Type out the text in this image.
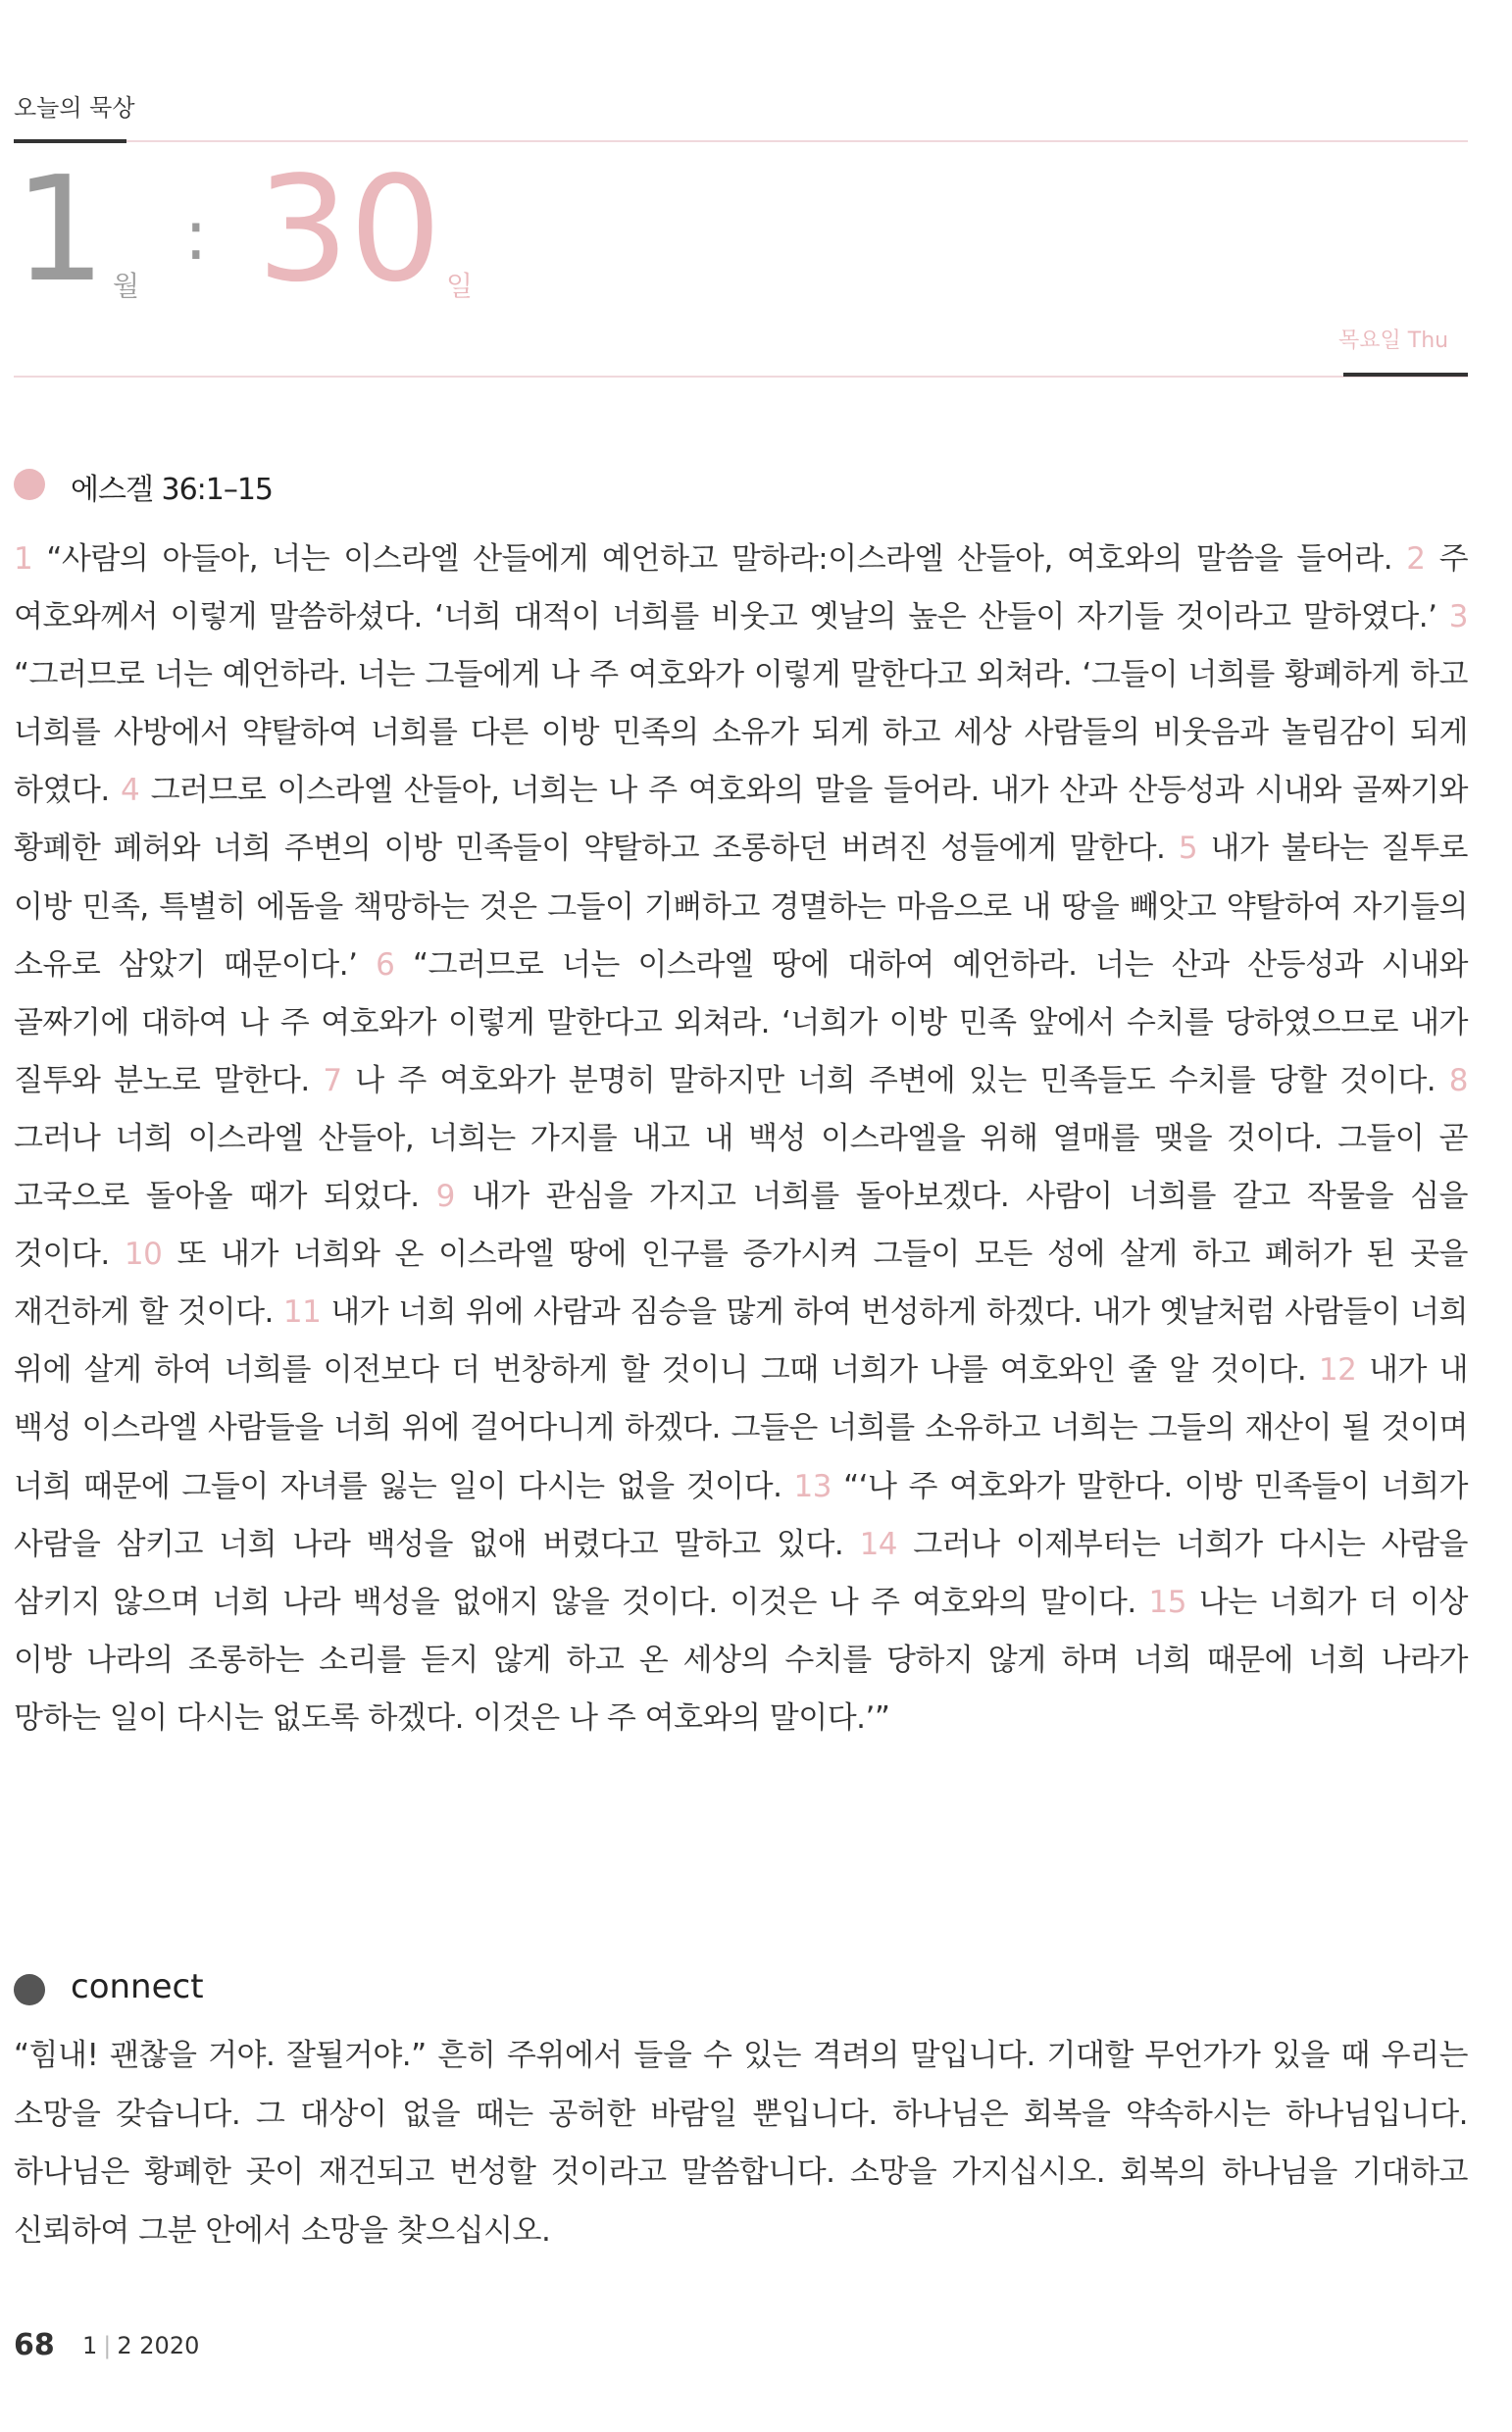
오늘의 묵상
1 월
: 30 일
목요일 Thu
에스겔 36:1–15
1 “사람의 아들아, 너는 이스라엘 산들에게 예언하고 말하라:이스라엘 산들아, 여호와의 말씀을 들어라. 2 주 여호와께서 이렇게 말씀하셨다. ‘너희 대적이 너희를 비웃고 옛날의 높은 산들이 자기들 것이라고 말하였다.’ 3 “그러므로 너는 예언하라. 너는 그들에게 나 주 여호와가 이렇게 말한다고 외쳐라. ‘그들이 너희를 황폐하게 하고 너희를 사방에서 약탈하여 너희를 다른 이방 민족의 소유가 되게 하고 세상 사람들의 비웃음과 놀림감이 되게 하였다. 4 그러므로 이스라엘 산들아, 너희는 나 주 여호와의 말을 들어라. 내가 산과 산등성과 시내와 골짜기와 황폐한 폐허와 너희 주변의 이방 민족들이 약탈하고 조롱하던 버려진 성들에게 말한다. 5 내가 불타는 질투로 이방 민족, 특별히 에돔을 책망하는 것은 그들이 기뻐하고 경멸하는 마음으로 내 땅을 빼앗고 약탈하여 자기들의 소유로 삼았기 때문이다.’ 6 “그러므로 너는 이스라엘 땅에 대하여 예언하라. 너는 산과 산등성과 시내와 골짜기에 대하여 나 주 여호와가 이렇게 말한다고 외쳐라. ‘너희가 이방 민족 앞에서 수치를 당하였으므로 내가 질투와 분노로 말한다. 7 나 주 여호와가 분명히 말하지만 너희 주변에 있는 민족들도 수치를 당할 것이다. 8 그러나 너희 이스라엘 산들아, 너희는 가지를 내고 내 백성 이스라엘을 위해 열매를 맺을 것이다. 그들이 곧 고국으로 돌아올 때가 되었다. 9 내가 관심을 가지고 너희를 돌아보겠다. 사람이 너희를 갈고 작물을 심을 것이다. 10 또 내가 너희와 온 이스라엘 땅에 인구를 증가시켜 그들이 모든 성에 살게 하고 폐허가 된 곳을 재건하게 할 것이다. 11 내가 너희 위에 사람과 짐승을 많게 하여 번성하게 하겠다. 내가 옛날처럼 사람들이 너희 위에 살게 하여 너희를 이전보다 더 번창하게 할 것이니 그때 너희가 나를 여호와인 줄 알 것이다. 12 내가 내 백성 이스라엘 사람들을 너희 위에 걸어다니게 하겠다. 그들은 너희를 소유하고 너희는 그들의 재산이 될 것이며 너희 때문에 그들이 자녀를 잃는 일이 다시는 없을 것이다. 13 “‘나 주 여호와가 말한다. 이방 민족들이 너희가 사람을 삼키고 너희 나라 백성을 없애 버렸다고 말하고 있다. 14 그러나 이제부터는 너희가 다시는 사람을 삼키지 않으며 너희 나라 백성을 없애지 않을 것이다. 이것은 나 주 여호와의 말이다. 15 나는 너희가 더 이상 이방 나라의 조롱하는 소리를 듣지 않게 하고 온 세상의 수치를 당하지 않게 하며 너희 때문에 너희 나라가 망하는 일이 다시는 없도록 하겠다. 이것은 나 주 여호와의 말이다.’”
connect
“힘내! 괜찮을 거야. 잘될거야.” 흔히 주위에서 들을 수 있는 격려의 말입니다. 기대할 무언가가 있을 때 우리는 소망을 갖습니다. 그 대상이 없을 때는 공허한 바람일 뿐입니다. 하나님은 회복을 약속하시는 하나님입니다. 하나님은 황폐한 곳이 재건되고 번성할 것이라고 말씀합니다. 소망을 가지십시오. 회복의 하나님을 기대하고 신뢰하여 그분 안에서 소망을 찾으십시오.
68 1 | 2 2020
